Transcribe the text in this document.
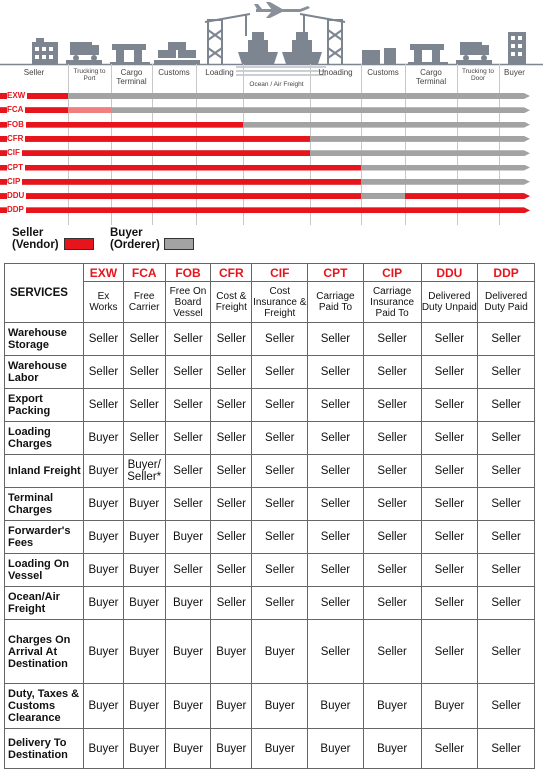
Seller	Trucking to Port
Cargo Terminal
Customs	Loading
Ocean / Air Freight
Unoading	Customs	Cargo Terminal
Trucking to Door
Buyer
EXW
FCA
FOB
CFR
CIF
CPT
CIP
DDU
DDP
Seller
(Vendor)
Buyer
(Orderer)
SERVICES	EXW	FCA	FOB	CFR	CIF	CPT	CIP	DDU	DDP
	Ex Works	Free Carrier	Free On Board Vessel	Cost & Freight	Cost Insurance & Freight	Carriage Paid To	Carriage Insurance Paid To	Delivered Duty Unpaid	Delivered Duty Paid
Warehouse Storage	Seller	Seller	Seller	Seller	Seller	Seller	Seller	Seller	Seller
Warehouse Labor	Seller	Seller	Seller	Seller	Seller	Seller	Seller	Seller	Seller
Export Packing	Seller	Seller	Seller	Seller	Seller	Seller	Seller	Seller	Seller
Loading Charges	Buyer	Seller	Seller	Seller	Seller	Seller	Seller	Seller	Seller
Inland Freight	Buyer	Buyer/ Seller*	Seller	Seller	Seller	Seller	Seller	Seller	Seller
Terminal Charges	Buyer	Buyer	Seller	Seller	Seller	Seller	Seller	Seller	Seller
Forwarder's Fees	Buyer	Buyer	Buyer	Seller	Seller	Seller	Seller	Seller	Seller
Loading On Vessel	Buyer	Buyer	Seller	Seller	Seller	Seller	Seller	Seller	Seller
Ocean/Air Freight	Buyer	Buyer	Buyer	Seller	Seller	Seller	Seller	Seller	Seller
Charges On Arrival At Destination	Buyer	Buyer	Buyer	Buyer	Buyer	Seller	Seller	Seller	Seller
Duty, Taxes & Customs Clearance	Buyer	Buyer	Buyer	Buyer	Buyer	Buyer	Buyer	Buyer	Seller
Delivery To Destination	Buyer	Buyer	Buyer	Buyer	Buyer	Buyer	Buyer	Seller	Seller
